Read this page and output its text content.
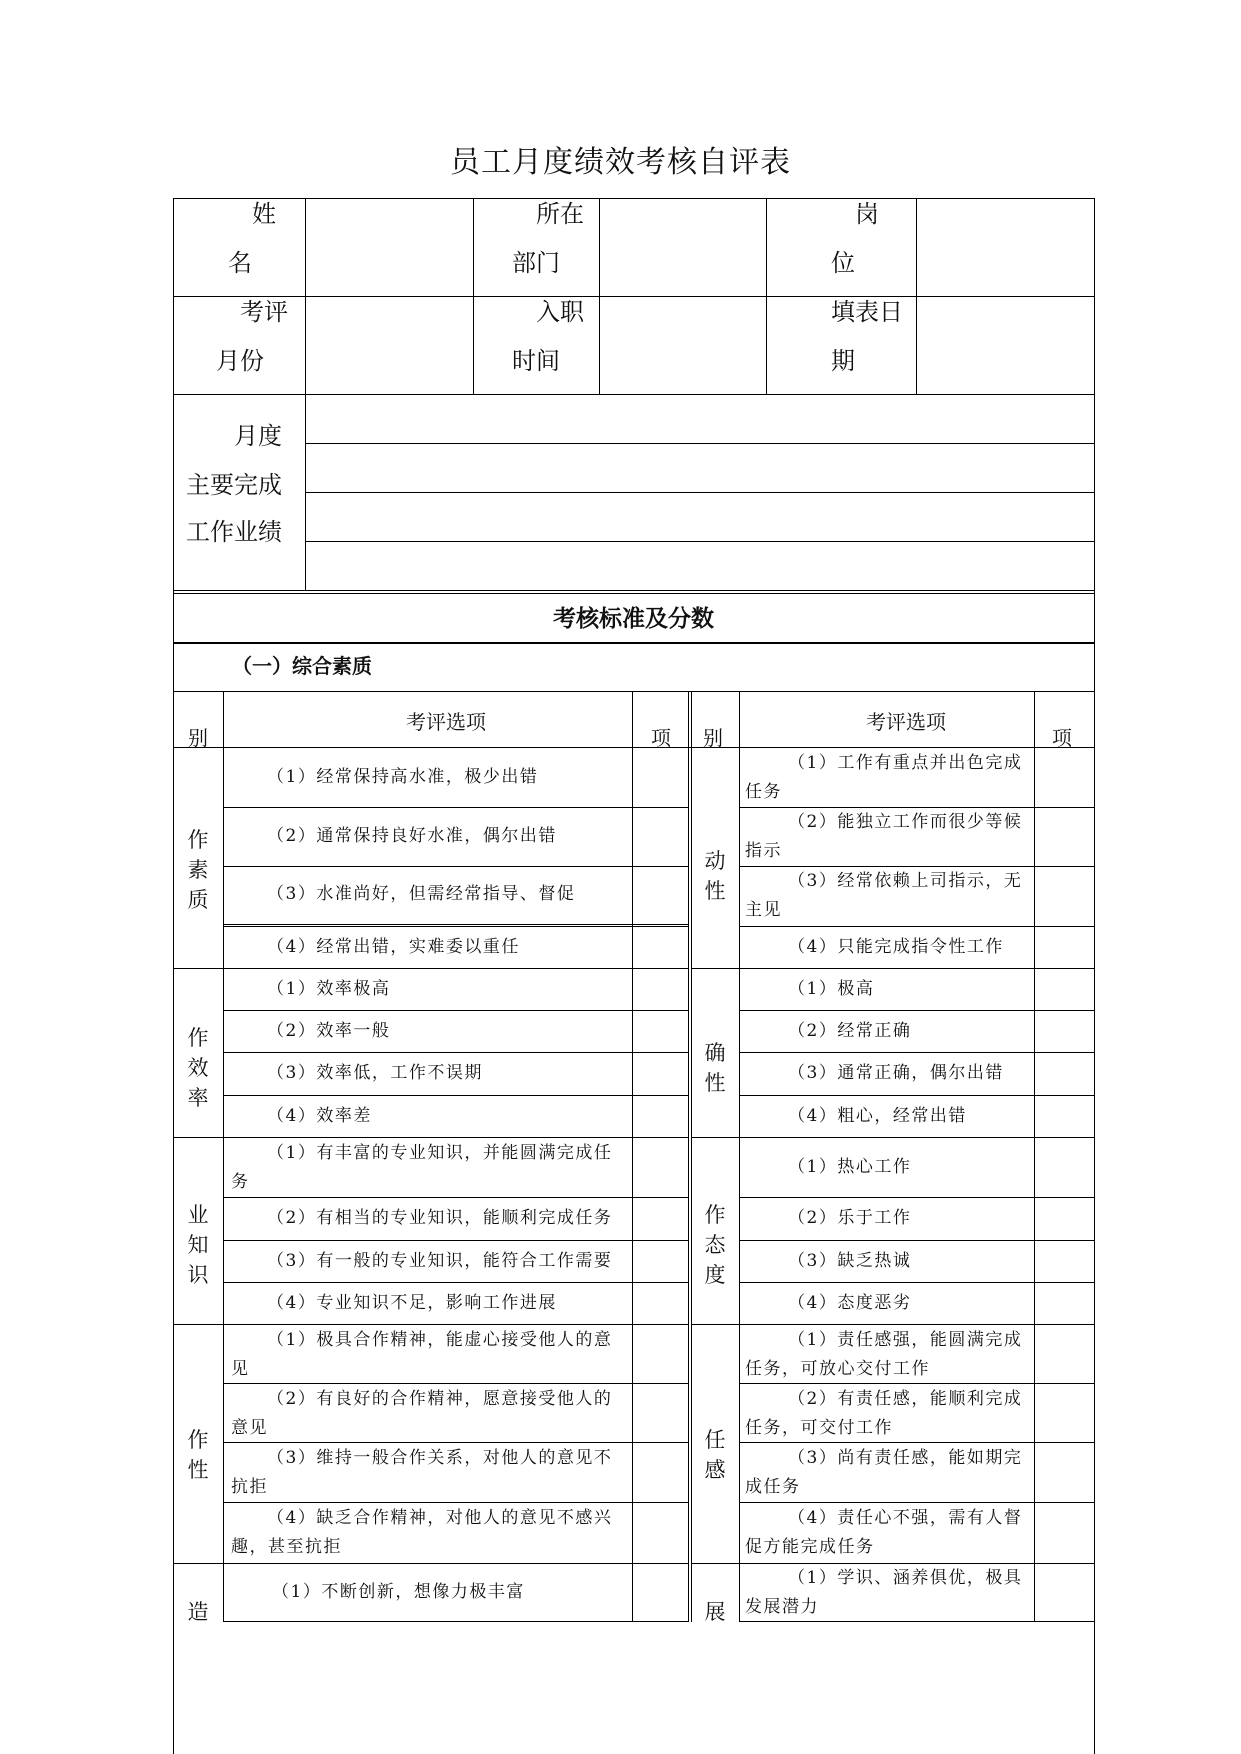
员工月度绩效考核自评表
姓
名
所在
部门
岗
位
考评
月份
入职
时间
填表日
期
月度
主要完成
工作业绩
考核标准及分数
（一）综合素质
别
考评选项
项 别
考评选项
项
作
素
质
（1）经常保持高水准，极少出错
（2）通常保持良好水准，偶尔出错
（3）水准尚好，但需经常指导、督促
（4）经常出错，实难委以重任
作
效
率
（1）效率极高
（2）效率一般
（3）效率低，工作不误期
（4）效率差
业
知
识
（1）有丰富的专业知识，并能圆满完成任务
（2）有相当的专业知识，能顺利完成任务
（3）有一般的专业知识，能符合工作需要
（4）专业知识不足，影响工作进展
作
性
（1）极具合作精神，能虚心接受他人的意见
（2）有良好的合作精神，愿意接受他人的意见
（3）维持一般合作关系，对他人的意见不抗拒
（4）缺乏合作精神，对他人的意见不感兴趣，甚至抗拒
造
（1）不断创新，想像力极丰富
动
性
（1）工作有重点并出色完成任务
（2）能独立工作而很少等候指示
（3）经常依赖上司指示，无主见
（4）只能完成指令性工作
确
性
（1）极高
（2）经常正确
（3）通常正确，偶尔出错
（4）粗心，经常出错
作
态
度
（1）热心工作
（2）乐于工作
（3）缺乏热诚
（4）态度恶劣
任
感
（1）责任感强，能圆满完成任务，可放心交付工作
（2）有责任感，能顺利完成任务，可交付工作
（3）尚有责任感，能如期完成任务
（4）责任心不强，需有人督促方能完成任务
展
（1）学识、涵养俱优，极具发展潜力
